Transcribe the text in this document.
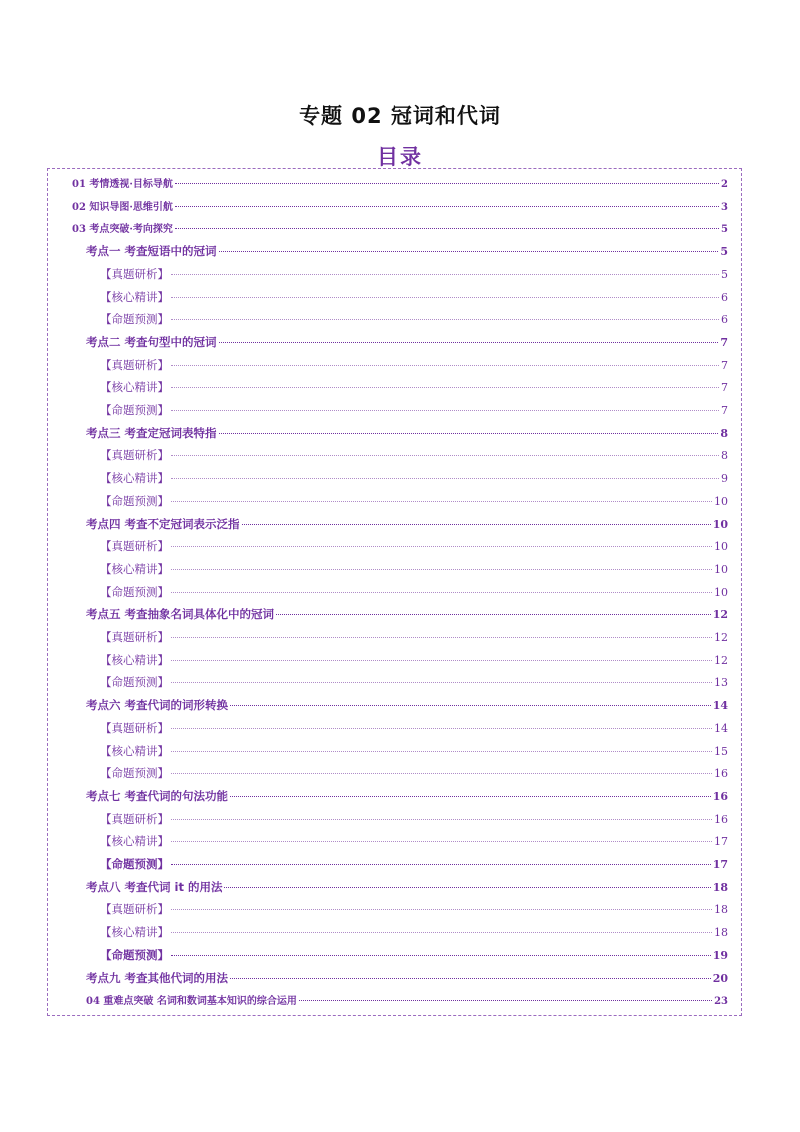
专题 02 冠词和代词
目录
01 考情透视·目标导航	2
02 知识导图·思维引航	3
03 考点突破·考向探究	5
考点一 考查短语中的冠词	5
【真题研析】	5
【核心精讲】	6
【命题预测】	6
考点二 考查句型中的冠词	7
【真题研析】	7
【核心精讲】	7
【命题预测】	7
考点三 考查定冠词表特指	8
【真题研析】	8
【核心精讲】	9
【命题预测】	10
考点四 考查不定冠词表示泛指	10
【真题研析】	10
【核心精讲】	10
【命题预测】	10
考点五 考查抽象名词具体化中的冠词	12
【真题研析】	12
【核心精讲】	12
【命题预测】	13
考点六 考查代词的词形转换	14
【真题研析】	14
【核心精讲】	15
【命题预测】	16
考点七 考查代词的句法功能	16
【真题研析】	16
【核心精讲】	17
【命题预测】	17
考点八 考查代词 it 的用法	18
【真题研析】	18
【核心精讲】	18
【命题预测】	19
考点九 考查其他代词的用法	20
04 重难点突破 名词和数词基本知识的综合运用	23
